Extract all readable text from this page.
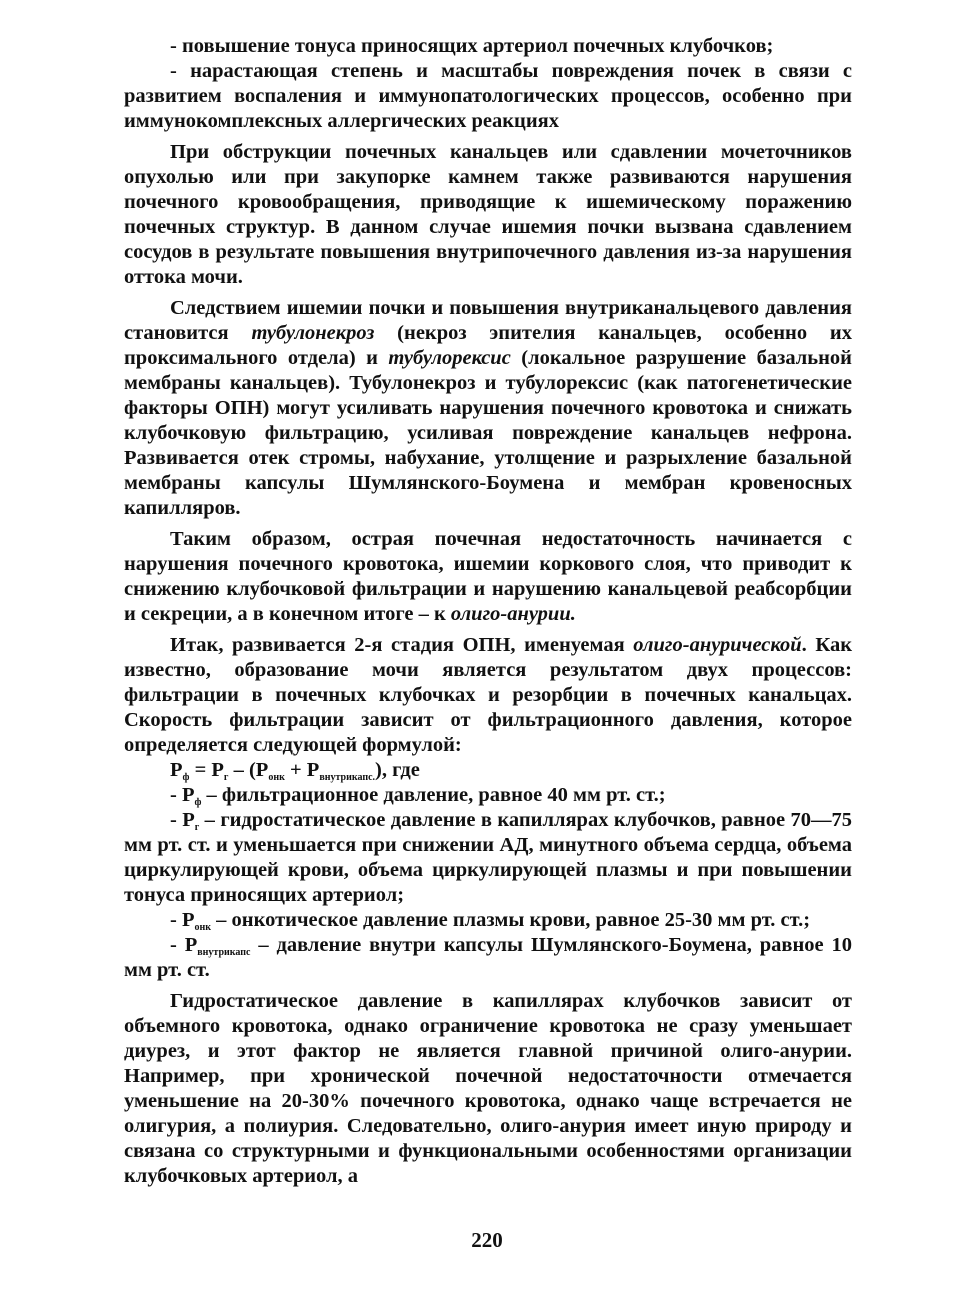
- повышение тонуса приносящих артериол почечных клубочков;

- нарастающая степень и масштабы повреждения почек в связи с развитием воспаления и иммунопатологических процессов, особенно при иммунокомплексных аллергических реакциях

При обструкции почечных канальцев или сдавлении мочеточников опухолью или при закупорке камнем также развиваются нарушения почечного кровообращения, приводящие к ишемическому поражению почечных структур. В данном случае ишемия почки вызвана сдавлением сосудов в результате повышения внутрипочечного давления из-за нарушения оттока мочи.

Следствием ишемии почки и повышения внутриканальцевого давления становится тубулонекроз (некроз эпителия канальцев, особенно их проксимального отдела) и тубулорексис (локальное разрушение базальной мембраны канальцев). Тубулонекроз и тубулорексис (как патогенетические факторы ОПН) могут усиливать нарушения почечного кровотока и снижать клубочковую фильтрацию, усиливая повреждение канальцев нефрона. Развивается отек стромы, набухание, утолщение и разрыхление базальной мембраны капсулы Шумлянского-Боумена и мембран кровеносных капилляров.

Таким образом, острая почечная недостаточность начинается с нарушения почечного кровотока, ишемии коркового слоя, что приводит к снижению клубочковой фильтрации и нарушению канальцевой реабсорбции и секреции, а в конечном итоге – к олиго-анурии.

Итак, развивается 2-я стадия ОПН, именуемая олиго-анурической. Как известно, образование мочи является результатом двух процессов: фильтрации в почечных клубочках и резорбции в почечных канальцах. Скорость фильтрации зависит от фильтрационного давления, которое определяется следующей формулой:

$P_ф = P_г - (P_{онк} + P_{внутрикапс.})$, где

- $P_ф$ – фильтрационное давление, равное 40 мм рт. ст.;

- $P_г$ – гидростатическое давление в капиллярах клубочков, равное 70—75 мм рт. ст. и уменьшается при снижении АД, минутного объема сердца, объема циркулирующей крови, объема циркулирующей плазмы и при повышении тонуса приносящих артериол;

- $P_{онк}$ – онкотическое давление плазмы крови, равное 25-30 мм рт. ст.;

- $P_{внутрикапс}$ – давление внутри капсулы Шумлянского-Боумена, равное 10 мм рт. ст.

Гидростатическое давление в капиллярах клубочков зависит от объемного кровотока, однако ограничение кровотока не сразу уменьшает диурез, и этот фактор не является главной причиной олиго-анурии. Например, при хронической почечной недостаточности отмечается уменьшение на 20-30% почечного кровотока, однако чаще встречается не олигурия, а полиурия. Следовательно, олиго-анурия имеет иную природу и связана со структурными и функциональными особенностями организации клубочковых артериол, а

220
